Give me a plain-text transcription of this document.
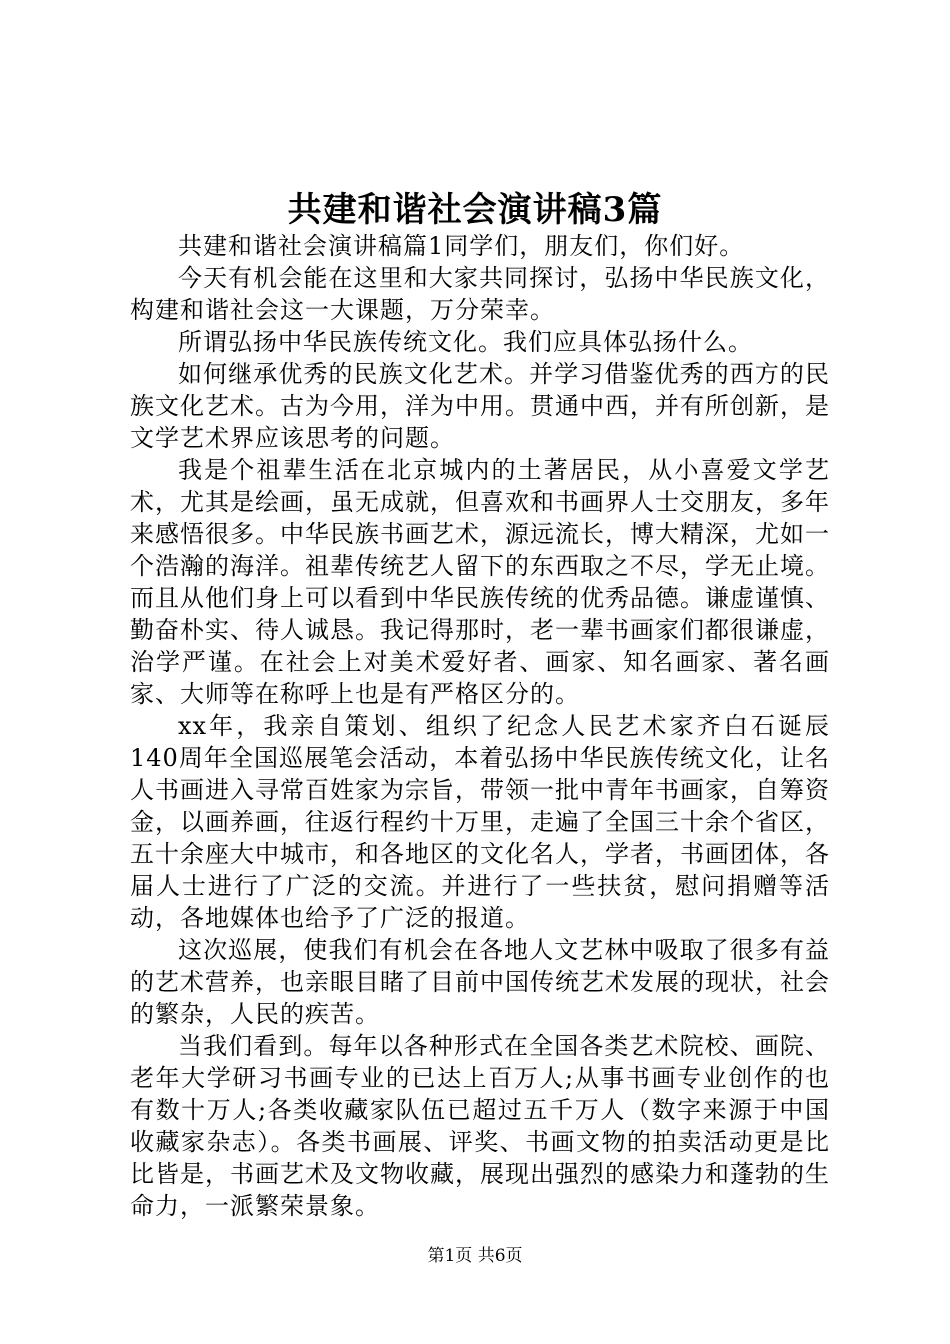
共建和谐社会演讲稿3篇

共建和谐社会演讲稿篇1同学们，朋友们，你们好。

今天有机会能在这里和大家共同探讨，弘扬中华民族文化，构建和谐社会这一大课题，万分荣幸。

所谓弘扬中华民族传统文化。我们应具体弘扬什么。

如何继承优秀的民族文化艺术。并学习借鉴优秀的西方的民族文化艺术。古为今用，洋为中用。贯通中西，并有所创新，是文学艺术界应该思考的问题。

我是个祖辈生活在北京城内的土著居民，从小喜爱文学艺术，尤其是绘画，虽无成就，但喜欢和书画界人士交朋友，多年来感悟很多。中华民族书画艺术，源远流长，博大精深，尤如一个浩瀚的海洋。祖辈传统艺人留下的东西取之不尽，学无止境。而且从他们身上可以看到中华民族传统的优秀品德。谦虚谨慎、勤奋朴实、待人诚恳。我记得那时，老一辈书画家们都很谦虚，治学严谨。在社会上对美术爱好者、画家、知名画家、著名画家、大师等在称呼上也是有严格区分的。

xx年，我亲自策划、组织了纪念人民艺术家齐白石诞辰140周年全国巡展笔会活动，本着弘扬中华民族传统文化，让名人书画进入寻常百姓家为宗旨，带领一批中青年书画家，自筹资金，以画养画，往返行程约十万里，走遍了全国三十余个省区，五十余座大中城市，和各地区的文化名人，学者，书画团体，各届人士进行了广泛的交流。并进行了一些扶贫，慰问捐赠等活动，各地媒体也给予了广泛的报道。

这次巡展，使我们有机会在各地人文艺林中吸取了很多有益的艺术营养，也亲眼目睹了目前中国传统艺术发展的现状，社会的繁杂，人民的疾苦。

当我们看到。每年以各种形式在全国各类艺术院校、画院、老年大学研习书画专业的已达上百万人;从事书画专业创作的也有数十万人;各类收藏家队伍已超过五千万人（数字来源于中国收藏家杂志）。各类书画展、评奖、书画文物的拍卖活动更是比比皆是，书画艺术及文物收藏，展现出强烈的感染力和蓬勃的生命力，一派繁荣景象。

第1页 共6页
